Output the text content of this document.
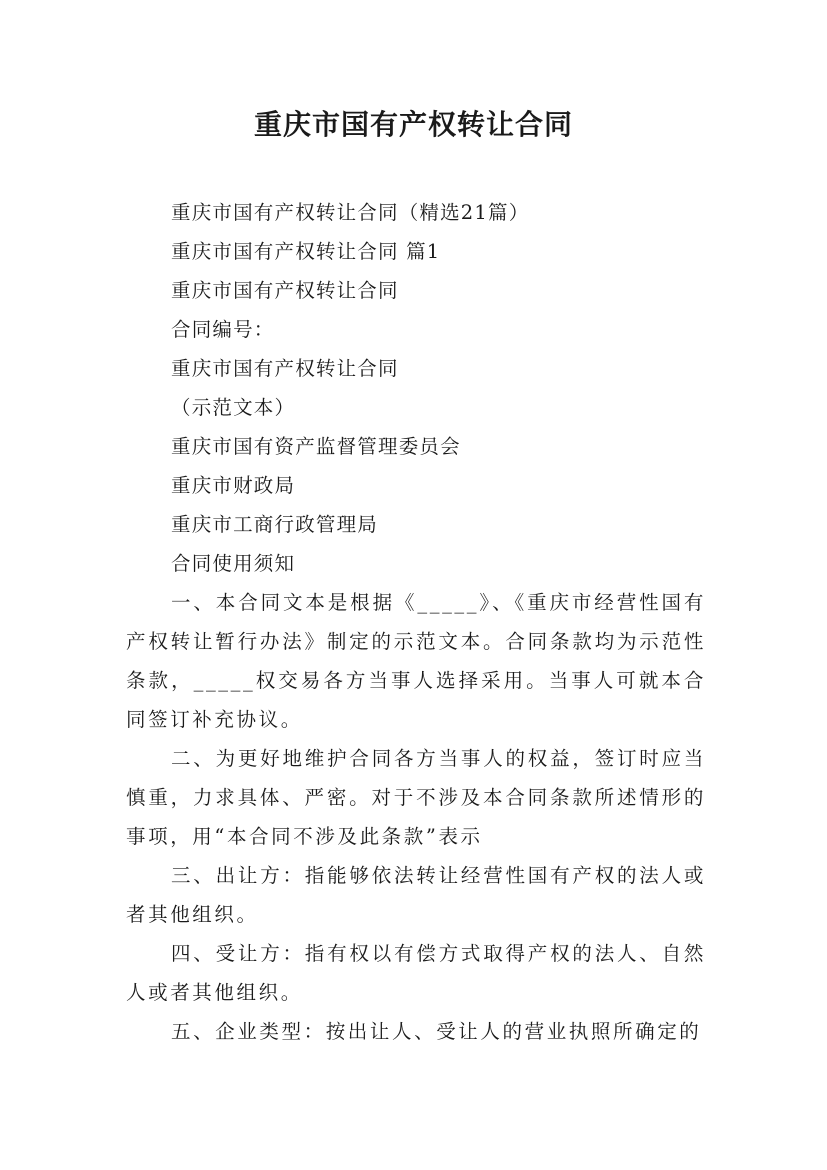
重庆市国有产权转让合同
重庆市国有产权转让合同（精选21篇）
重庆市国有产权转让合同 篇1
重庆市国有产权转让合同
合同编号：
重庆市国有产权转让合同
（示范文本）
重庆市国有资产监督管理委员会
重庆市财政局
重庆市工商行政管理局
合同使用须知

一、本合同文本是根据《_____》、《重庆市经营性国有产权转让暂行办法》制定的示范文本。合同条款均为示范性条款，_____权交易各方当事人选择采用。当事人可就本合同签订补充协议。

二、为更好地维护合同各方当事人的权益，签订时应当慎重，力求具体、严密。对于不涉及本合同条款所述情形的事项，用“本合同不涉及此条款”表示

三、出让方：指能够依法转让经营性国有产权的法人或者其他组织。

四、受让方：指有权以有偿方式取得产权的法人、自然人或者其他组织。

五、企业类型：按出让人、受让人的营业执照所确定的
